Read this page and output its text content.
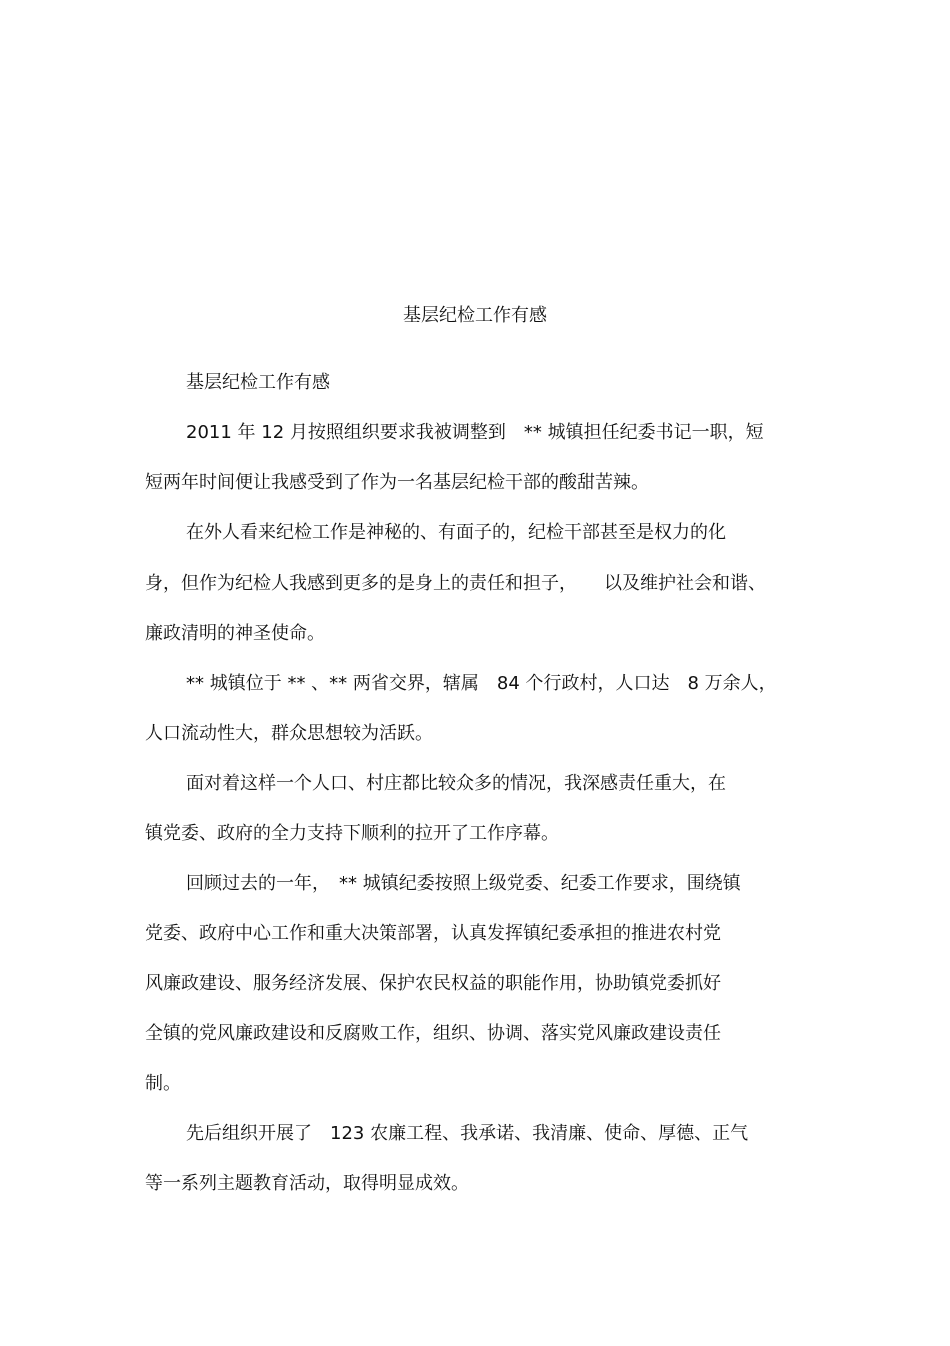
基层纪检工作有感
基层纪检工作有感
2011 年 12 月按照组织要求我被调整到　** 城镇担任纪委书记一职，短
短两年时间便让我感受到了作为一名基层纪检干部的酸甜苦辣。
在外人看来纪检工作是神秘的、有面子的，纪检干部甚至是权力的化
身，但作为纪检人我感到更多的是身上的责任和担子，　　以及维护社会和谐、
廉政清明的神圣使命。
** 城镇位于 ** 、** 两省交界，辖属　84 个行政村，人口达　8 万余人，
人口流动性大，群众思想较为活跃。
面对着这样一个人口、村庄都比较众多的情况，我深感责任重大，在
镇党委、政府的全力支持下顺利的拉开了工作序幕。
回顾过去的一年，　** 城镇纪委按照上级党委、纪委工作要求，围绕镇
党委、政府中心工作和重大决策部署，认真发挥镇纪委承担的推进农村党
风廉政建设、服务经济发展、保护农民权益的职能作用，协助镇党委抓好
全镇的党风廉政建设和反腐败工作，组织、协调、落实党风廉政建设责任
制。
先后组织开展了　123 农廉工程、我承诺、我清廉、使命、厚德、正气
等一系列主题教育活动，取得明显成效。
